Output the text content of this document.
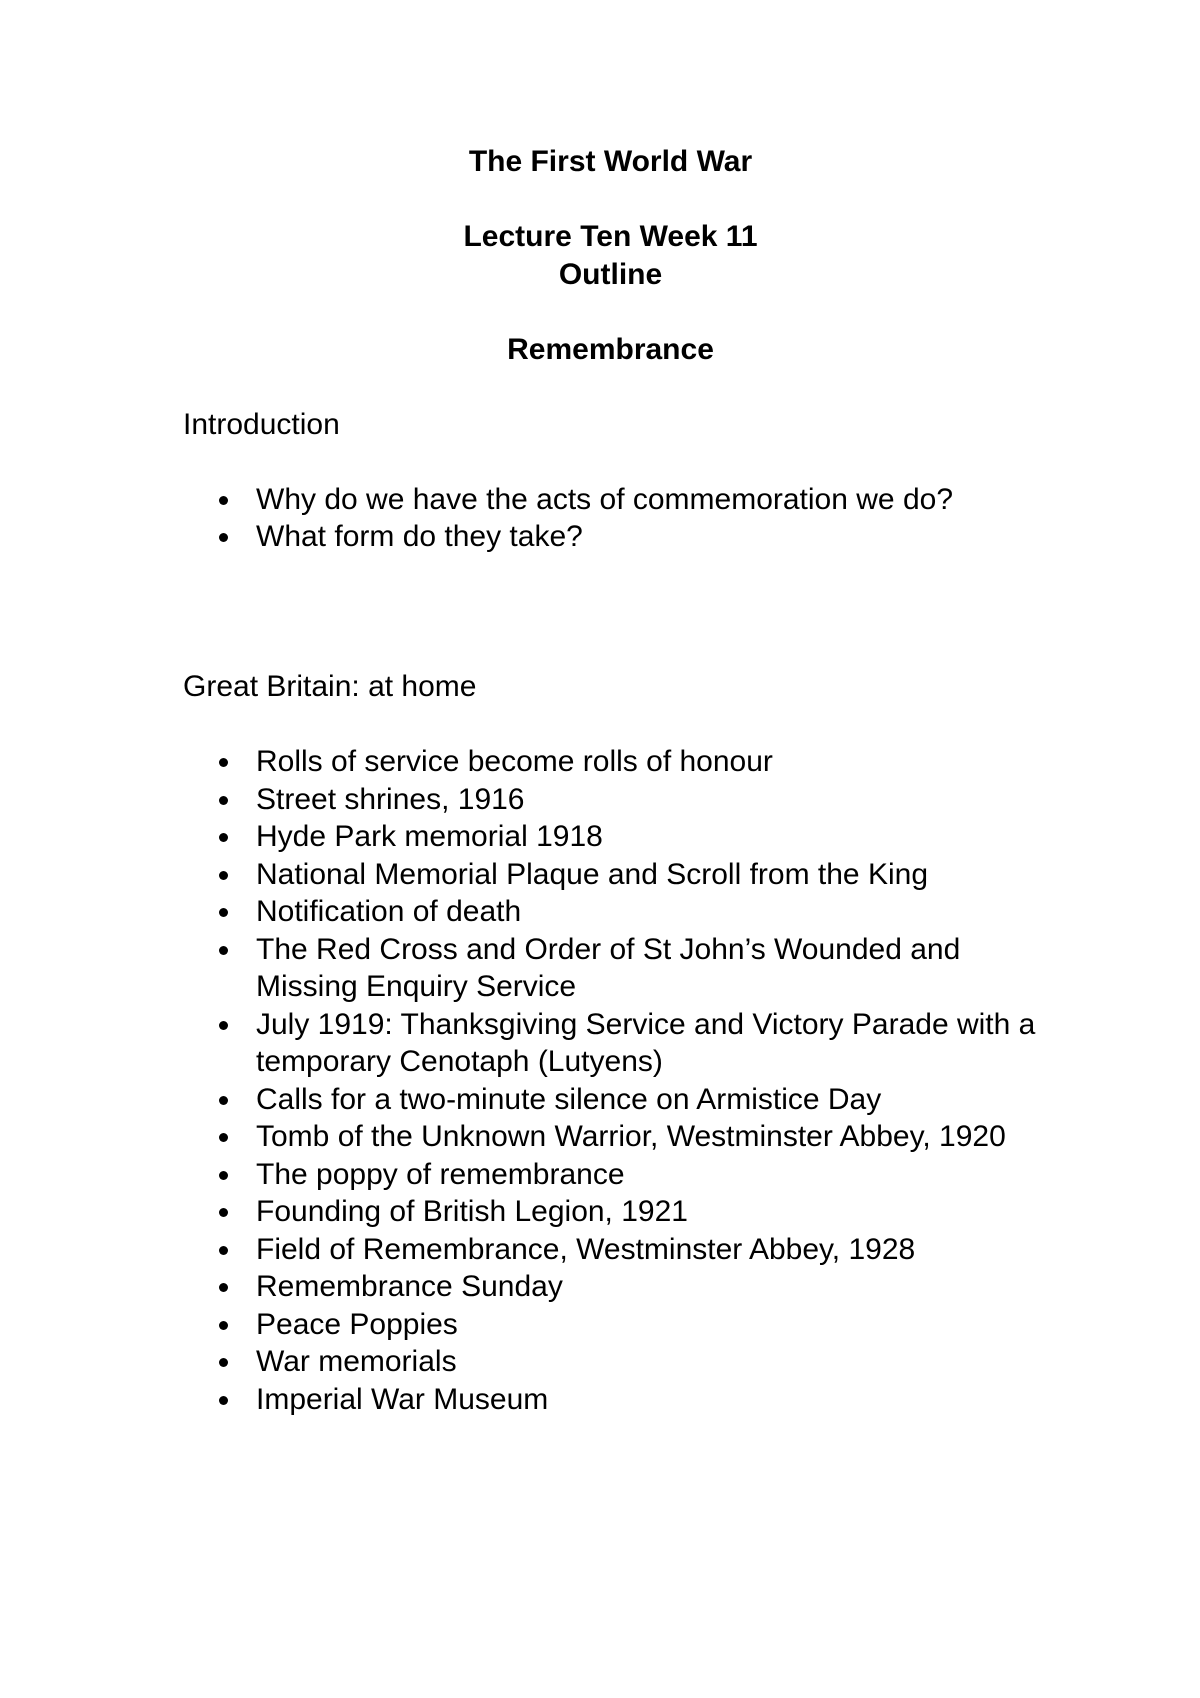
The First World War

Lecture Ten Week 11

Outline

Remembrance

Introduction

Why do we have the acts of commemoration we do?
What form do they take?

Great Britain: at home

Rolls of service become rolls of honour
Street shrines, 1916
Hyde Park memorial 1918
National Memorial Plaque and Scroll from the King
Notification of death
The Red Cross and Order of St John’s Wounded and Missing Enquiry Service
July 1919: Thanksgiving Service and Victory Parade with a temporary Cenotaph (Lutyens)
Calls for a two-minute silence on Armistice Day
Tomb of the Unknown Warrior, Westminster Abbey, 1920
The poppy of remembrance
Founding of British Legion, 1921
Field of Remembrance, Westminster Abbey, 1928
Remembrance Sunday
Peace Poppies
War memorials
Imperial War Museum
